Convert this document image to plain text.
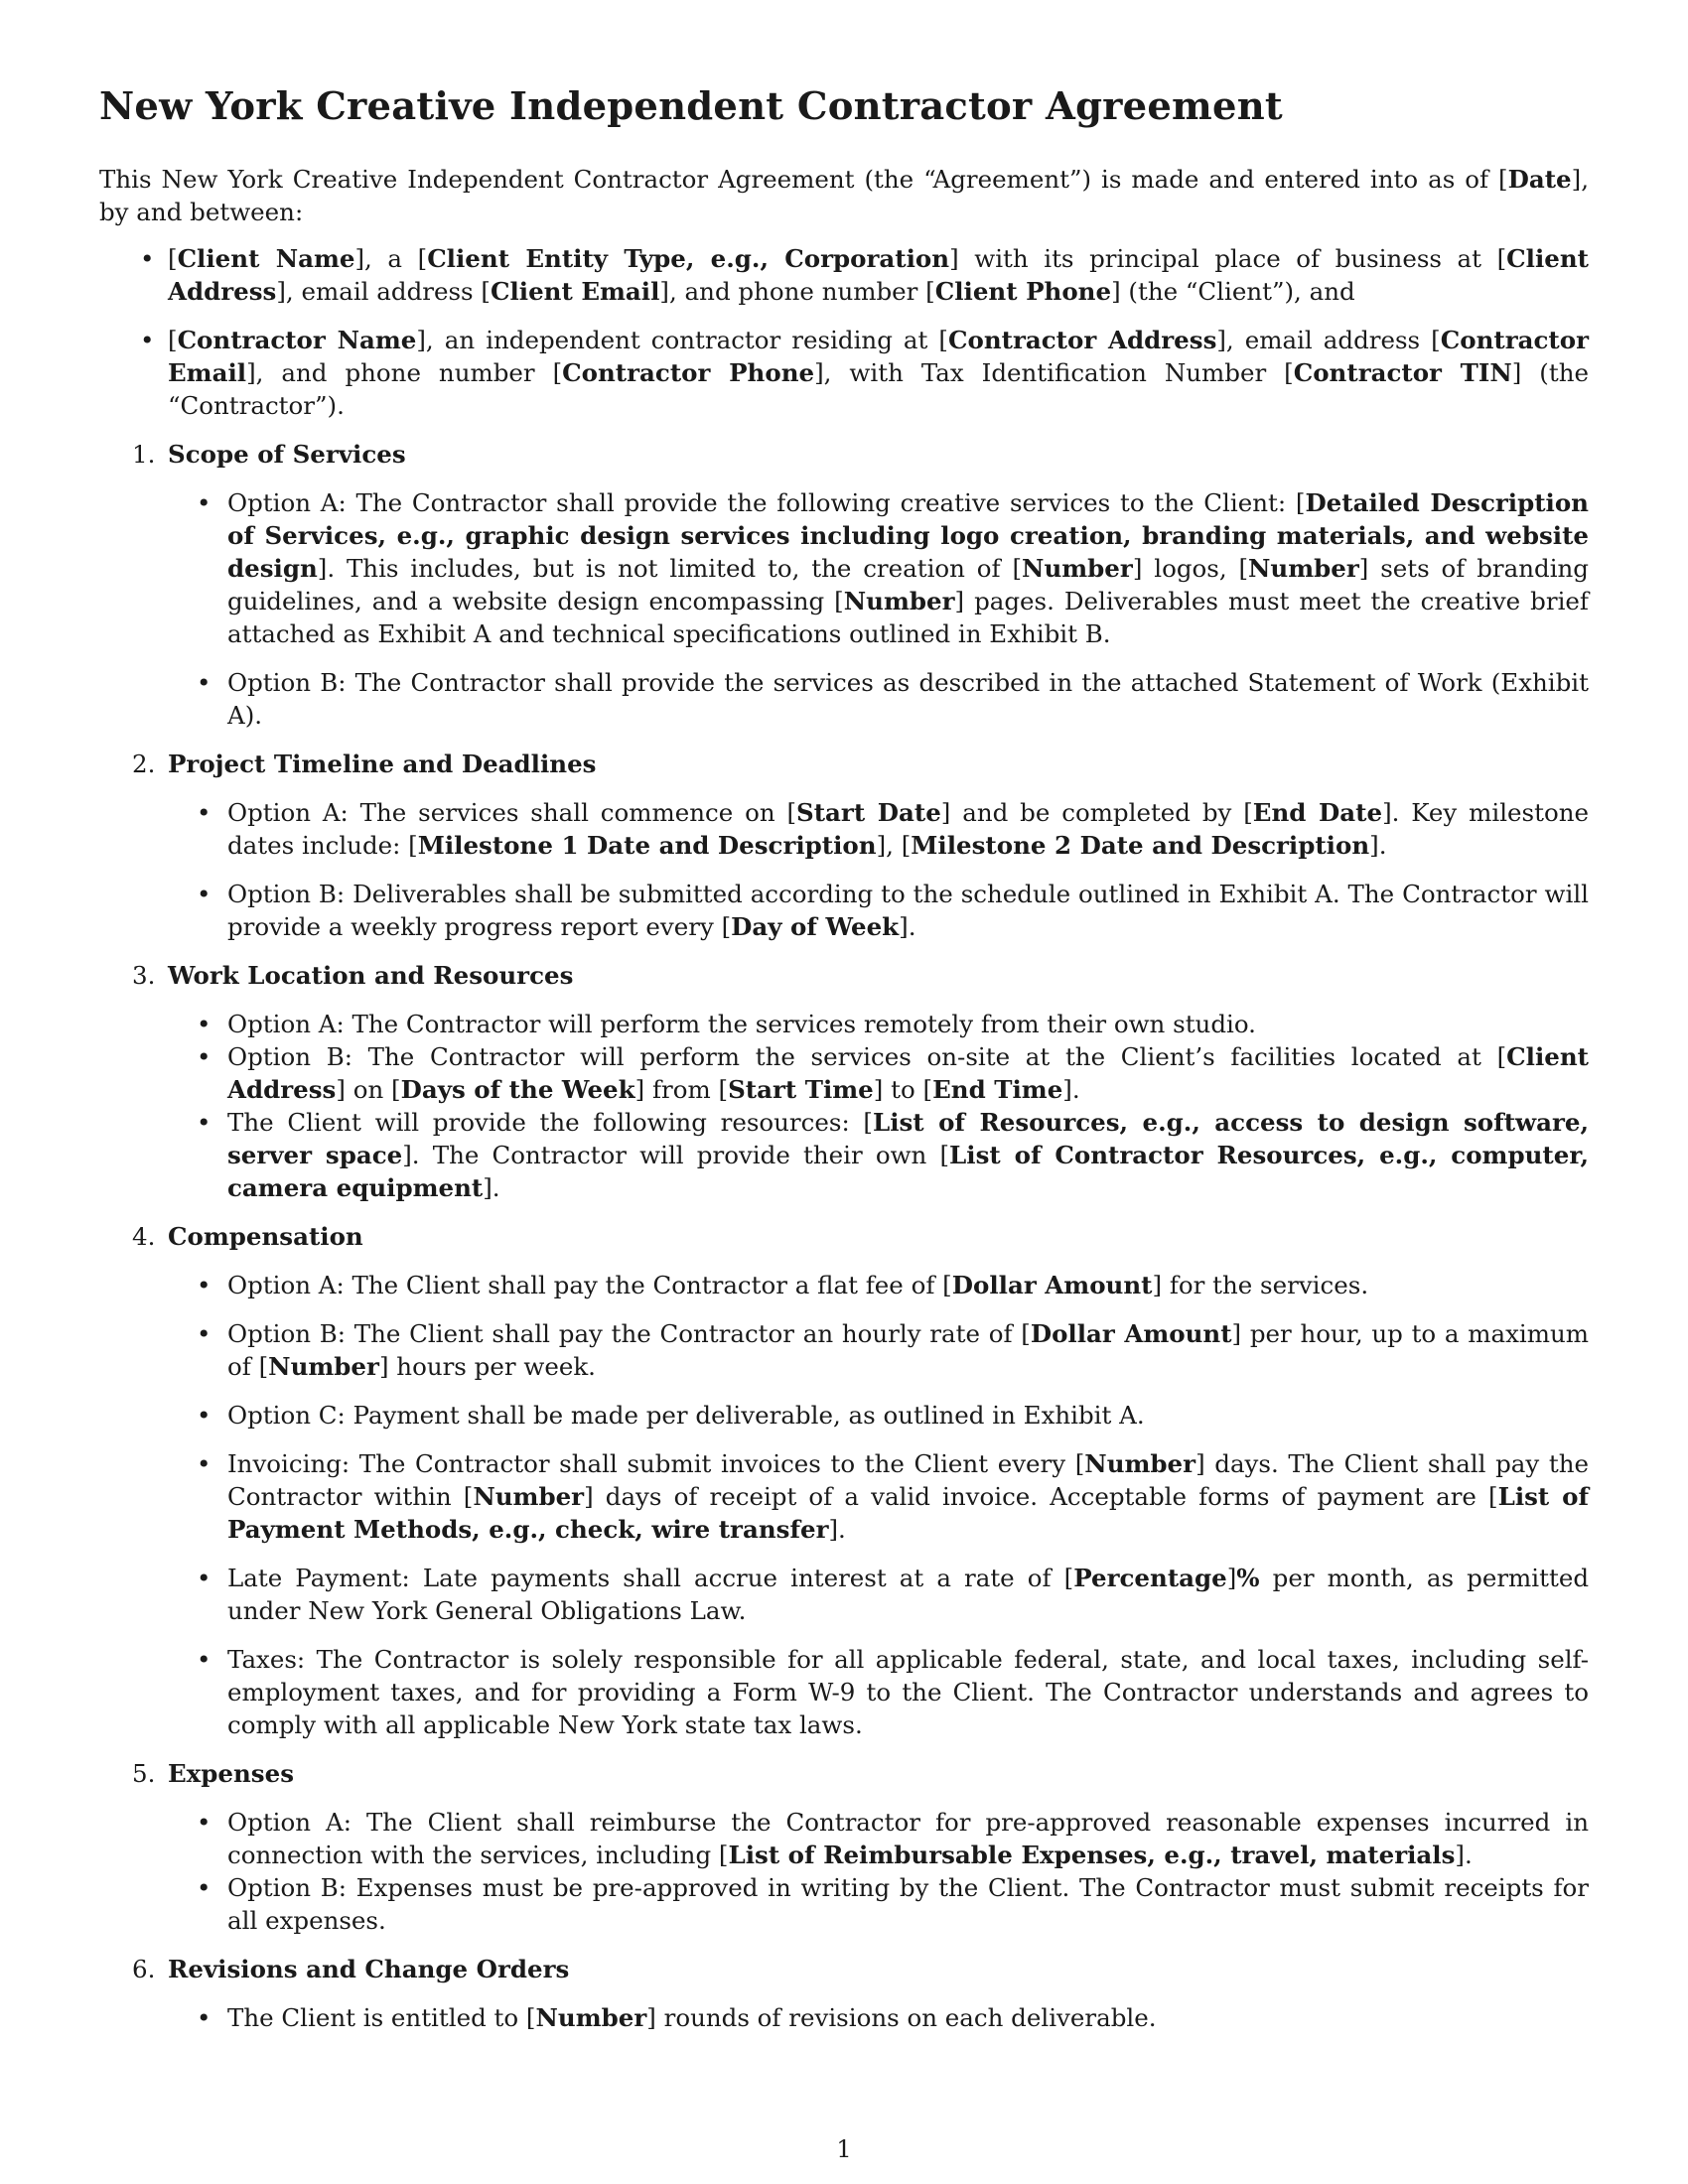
New York Creative Independent Contractor Agreement

This New York Creative Independent Contractor Agreement (the “Agreement”) is made and entered into as of [Date], by and between:

• [Client Name], a [Client Entity Type, e.g., Corporation] with its principal place of business at [Client Address], email address [Client Email], and phone number [Client Phone] (the “Client”), and
• [Contractor Name], an independent contractor residing at [Contractor Address], email address [Contractor Email], and phone number [Contractor Phone], with Tax Identification Number [Contractor TIN] (the “Contractor”).
1. Scope of Services
• Option A: The Contractor shall provide the following creative services to the Client: [Detailed Description of Services, e.g., graphic design services including logo creation, branding materials, and website design]. This includes, but is not limited to, the creation of [Number] logos, [Number] sets of branding guidelines, and a website design encompassing [Number] pages. Deliverables must meet the creative brief attached as Exhibit A and technical specifications outlined in Exhibit B.
• Option B: The Contractor shall provide the services as described in the attached Statement of Work (Exhibit A).
2. Project Timeline and Deadlines
• Option A: The services shall commence on [Start Date] and be completed by [End Date]. Key milestone dates include: [Milestone 1 Date and Description], [Milestone 2 Date and Description].
• Option B: Deliverables shall be submitted according to the schedule outlined in Exhibit A. The Contractor will provide a weekly progress report every [Day of Week].
3. Work Location and Resources
• Option A: The Contractor will perform the services remotely from their own studio.
• Option B: The Contractor will perform the services on-site at the Client’s facilities located at [Client Address] on [Days of the Week] from [Start Time] to [End Time].
• The Client will provide the following resources: [List of Resources, e.g., access to design software, server space]. The Contractor will provide their own [List of Contractor Resources, e.g., computer, camera equipment].
4. Compensation
• Option A: The Client shall pay the Contractor a flat fee of [Dollar Amount] for the services.
• Option B: The Client shall pay the Contractor an hourly rate of [Dollar Amount] per hour, up to a maximum of [Number] hours per week.
• Option C: Payment shall be made per deliverable, as outlined in Exhibit A.
• Invoicing: The Contractor shall submit invoices to the Client every [Number] days. The Client shall pay the Contractor within [Number] days of receipt of a valid invoice. Acceptable forms of payment are [List of Payment Methods, e.g., check, wire transfer].
• Late Payment: Late payments shall accrue interest at a rate of [Percentage]% per month, as permitted under New York General Obligations Law.
• Taxes: The Contractor is solely responsible for all applicable federal, state, and local taxes, including self-employment taxes, and for providing a Form W-9 to the Client. The Contractor understands and agrees to comply with all applicable New York state tax laws.
5. Expenses
• Option A: The Client shall reimburse the Contractor for pre-approved reasonable expenses incurred in connection with the services, including [List of Reimbursable Expenses, e.g., travel, materials].
• Option B: Expenses must be pre-approved in writing by the Client. The Contractor must submit receipts for all expenses.
6. Revisions and Change Orders
• The Client is entitled to [Number] rounds of revisions on each deliverable.
1
